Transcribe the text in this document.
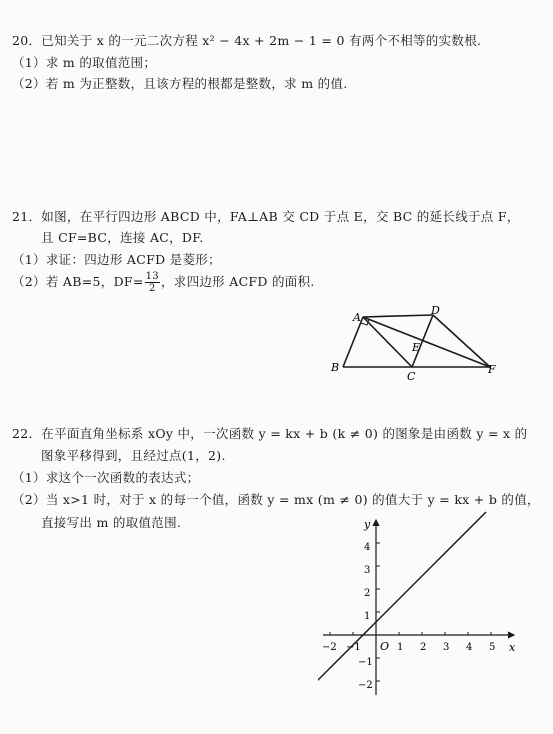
20．已知关于 x 的一元二次方程 x² − 4x + 2m − 1 = 0 有两个不相等的实数根.
（1）求 m 的取值范围；
（2）若 m 为正整数，且该方程的根都是整数，求 m 的值.
21．如图，在平行四边形 ABCD 中，FA⊥AB 交 CD 于点 E，交 BC 的延长线于点 F，
且 CF=BC，连接 AC，DF.
（1）求证：四边形 ACFD 是菱形；
（2）若 AB=5，$DF= \frac{13}{2}$ ，求四边形 ACFD 的面积.
A
D
E
B
C
F
22．在平面直角坐标系 xOy 中，一次函数 y = kx + b (k ≠ 0) 的图象是由函数 y = x 的
图象平移得到，且经过点(1，2).
（1）求这个一次函数的表达式；
（2）当 x>1 时，对于 x 的每一个值，函数 y = mx (m ≠ 0) 的值大于 y = kx + b 的值，
直接写出 m 的取值范围.	y
x
O
−2 −1	1 2 3 4 5
4
3
2
1
−1
−2
